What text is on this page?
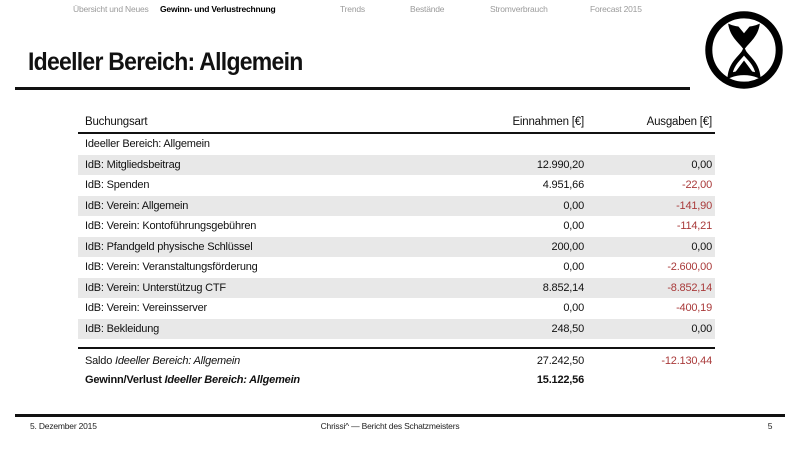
Übersicht und Neues Gewinn- und Verlustrechnung	Trends	Bestände	Stromverbrauch	Forecast 2015
Ideeller Bereich: Allgemein
Buchungsart	Einnahmen [€]	Ausgaben [€]
Ideeller Bereich: Allgemein
IdB: Mitgliedsbeitrag	12.990,20	0,00
IdB: Spenden	4.951,66	-22,00
IdB: Verein: Allgemein	0,00	-141,90
IdB: Verein: Kontoführungsgebühren	0,00	-114,21
IdB: Pfandgeld physische Schlüssel	200,00	0,00
IdB: Verein: Veranstaltungsförderung	0,00	-2.600,00
IdB: Verein: Unterstützug CTF	8.852,14	-8.852,14
IdB: Verein: Vereinsserver	0,00	-400,19
IdB: Bekleidung	248,50	0,00
Saldo Ideeller Bereich: Allgemein	27.242,50	-12.130,44
Gewinn/Verlust Ideeller Bereich: Allgemein	15.122,56
5. Dezember 2015	Chrissi^ — Bericht des Schatzmeisters	5
